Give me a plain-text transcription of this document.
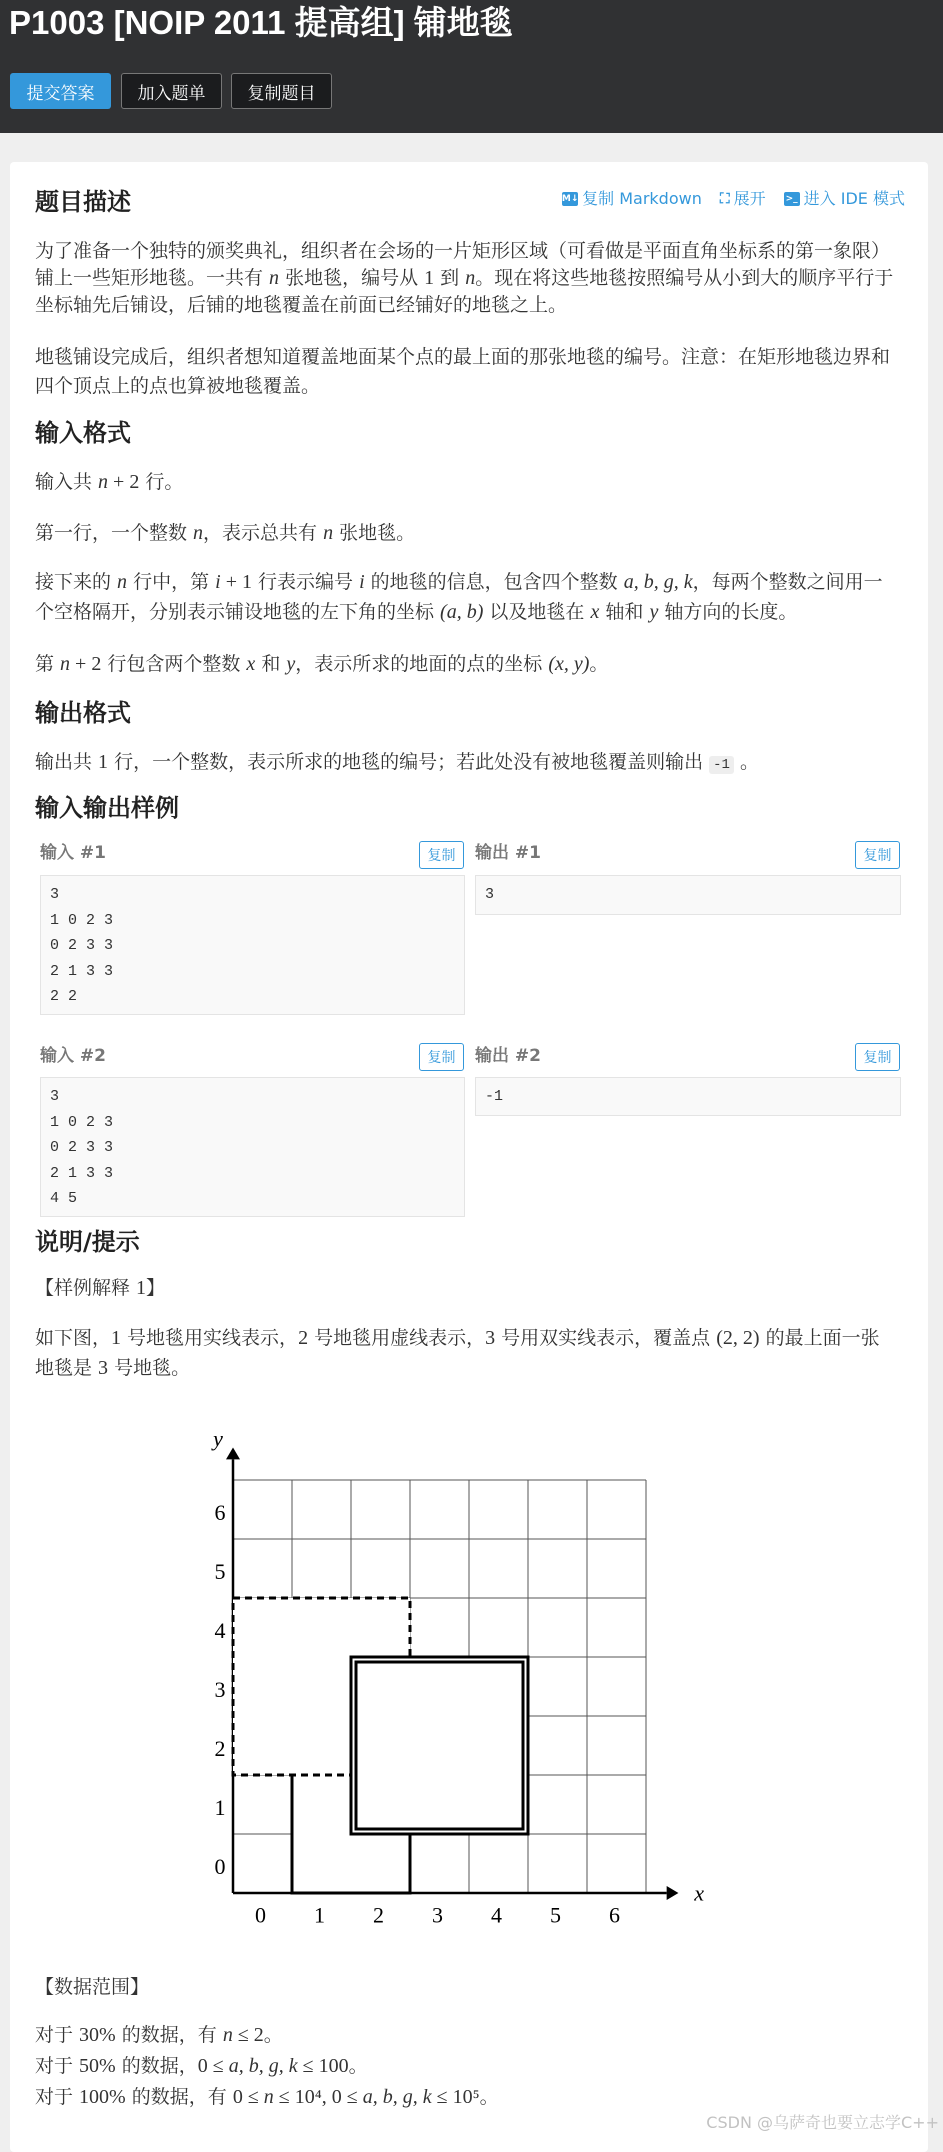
P1003 [NOIP 2011 提高组] 铺地毯
提交答案	加入题单	复制题目
题目描述	M↓ 复制 Markdown ⛶ 展开 >_ 进入 IDE 模式
为了准备一个独特的颁奖典礼，组织者在会场的一片矩形区域（可看做是平面直角坐标系的第一象限）
铺上一些矩形地毯。一共有 n 张地毯，编号从 1 到 n。现在将这些地毯按照编号从小到大的顺序平行于
坐标轴先后铺设，后铺的地毯覆盖在前面已经铺好的地毯之上。
地毯铺设完成后，组织者想知道覆盖地面某个点的最上面的那张地毯的编号。注意：在矩形地毯边界和
四个顶点上的点也算被地毯覆盖。
输入格式
输入共 n + 2 行。
第一行，一个整数 n，表示总共有 n 张地毯。
接下来的 n 行中，第 i + 1 行表示编号 i 的地毯的信息，包含四个整数 a, b, g, k，每两个整数之间用一
个空格隔开，分别表示铺设地毯的左下角的坐标 (a, b) 以及地毯在 x 轴和 y 轴方向的长度。
第 n + 2 行包含两个整数 x 和 y，表示所求的地面的点的坐标 (x, y)。
输出格式
输出共 1 行，一个整数，表示所求的地毯的编号；若此处没有被地毯覆盖则输出 -1 。
输入输出样例
输入 #1	复制	输出 #1	复制
3
1 0 2 3
0 2 3 3
2 1 3 3
2 2
3
输入 #2	复制	输出 #2	复制
3
1 0 2 3
0 2 3 3
2 1 3 3
4 5
-1
说明/提示
【样例解释 1】
如下图，1 号地毯用实线表示，2 号地毯用虚线表示，3 号用双实线表示，覆盖点 (2, 2) 的最上面一张
地毯是 3 号地毯。
0 1 2 3 4 5 6
0
1
2
3
4
5
6
x
y
【数据范围】
对于 30% 的数据，有 n ≤ 2。
对于 50% 的数据，0 ≤ a, b, g, k ≤ 100。
对于 100% 的数据，有 0 ≤ n ≤ 10⁴, 0 ≤ a, b, g, k ≤ 10⁵。
CSDN @乌萨奇也要立志学C++
